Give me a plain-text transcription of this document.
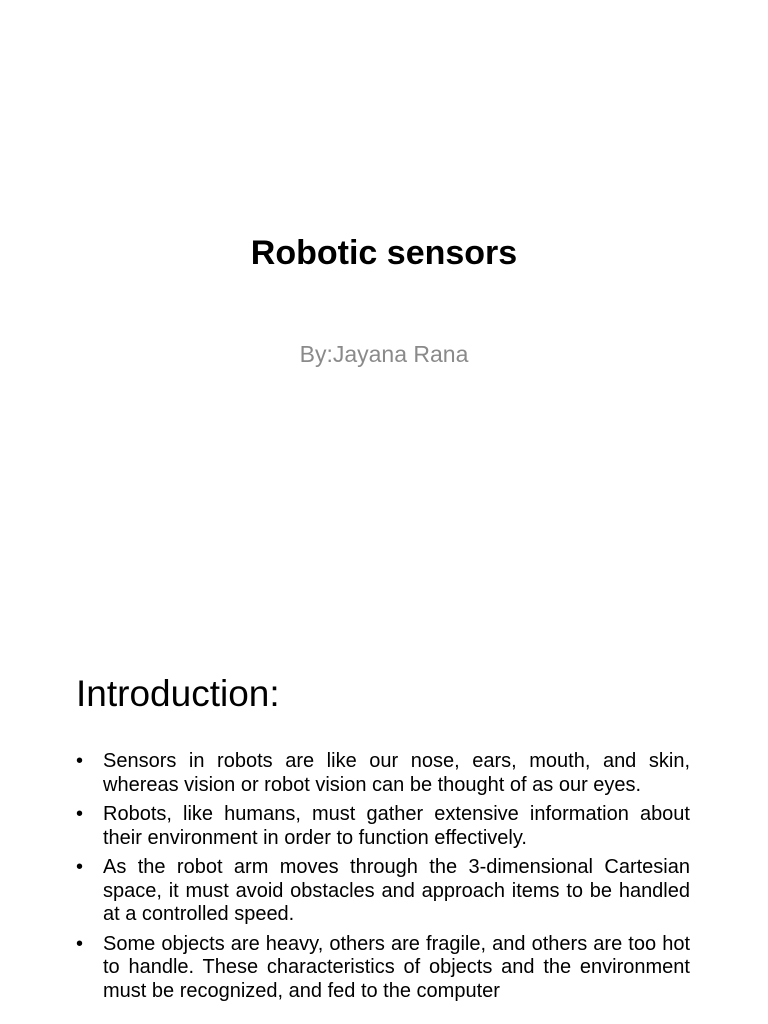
Robotic sensors

By:Jayana Rana

Introduction:
• Sensors in robots are like our nose, ears, mouth, and skin, whereas vision or robot vision can be thought of as our eyes.
• Robots, like humans, must gather extensive information about their environment in order to function effectively.
• As the robot arm moves through the 3-dimensional Cartesian space, it must avoid obstacles and approach items to be handled at a controlled speed.
• Some objects are heavy, others are fragile, and others are too hot to handle. These characteristics of objects and the environment must be recognized, and fed to the computer
